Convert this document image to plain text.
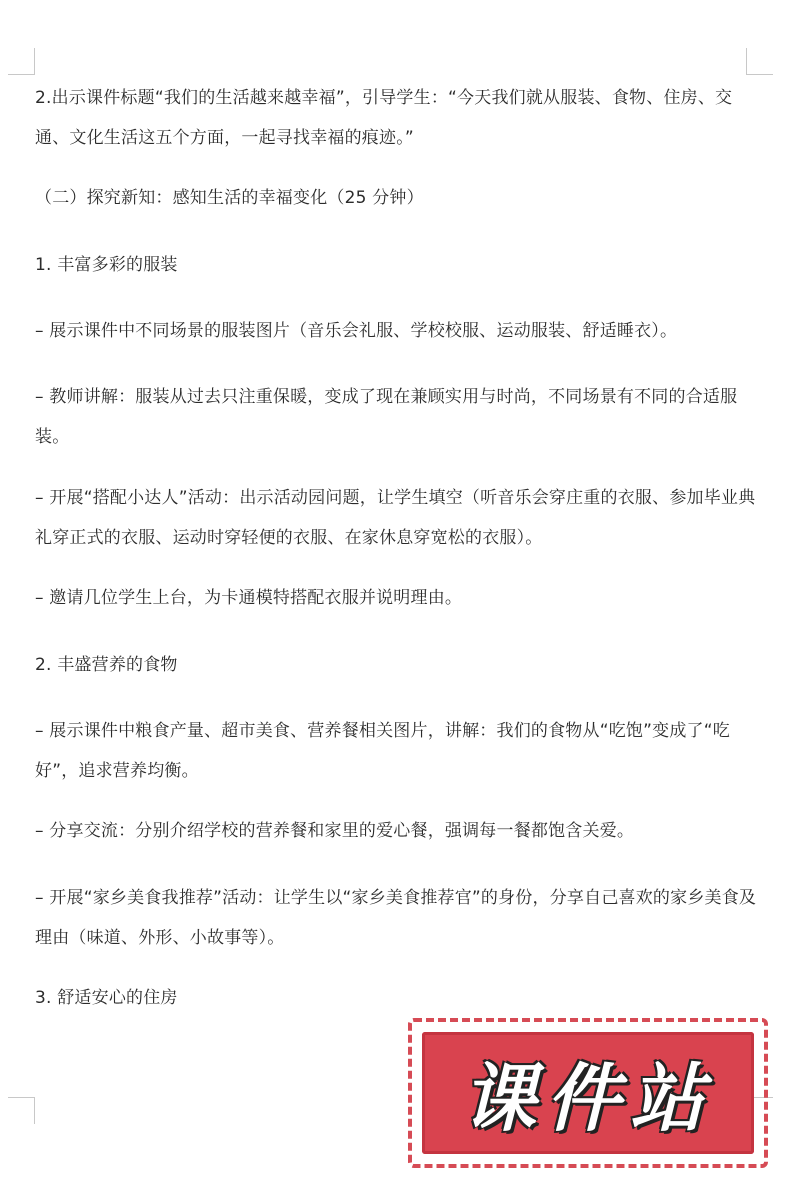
2.出示课件标题“我们的生活越来越幸福”，引导学生：“今天我们就从服装、食物、住房、交通、文化生活这五个方面，一起寻找幸福的痕迹。”
（二）探究新知：感知生活的幸福变化（25 分钟）
1. 丰富多彩的服装
– 展示课件中不同场景的服装图片（音乐会礼服、学校校服、运动服装、舒适睡衣）。
– 教师讲解：服装从过去只注重保暖，变成了现在兼顾实用与时尚，不同场景有不同的合适服装。
– 开展“搭配小达人”活动：出示活动园问题，让学生填空（听音乐会穿庄重的衣服、参加毕业典礼穿正式的衣服、运动时穿轻便的衣服、在家休息穿宽松的衣服）。
– 邀请几位学生上台，为卡通模特搭配衣服并说明理由。
2. 丰盛营养的食物
– 展示课件中粮食产量、超市美食、营养餐相关图片，讲解：我们的食物从“吃饱”变成了“吃好”，追求营养均衡。
– 分享交流：分别介绍学校的营养餐和家里的爱心餐，强调每一餐都饱含关爱。
– 开展“家乡美食我推荐”活动：让学生以“家乡美食推荐官”的身份，分享自己喜欢的家乡美食及理由（味道、外形、小故事等）。
3. 舒适安心的住房
课件站
